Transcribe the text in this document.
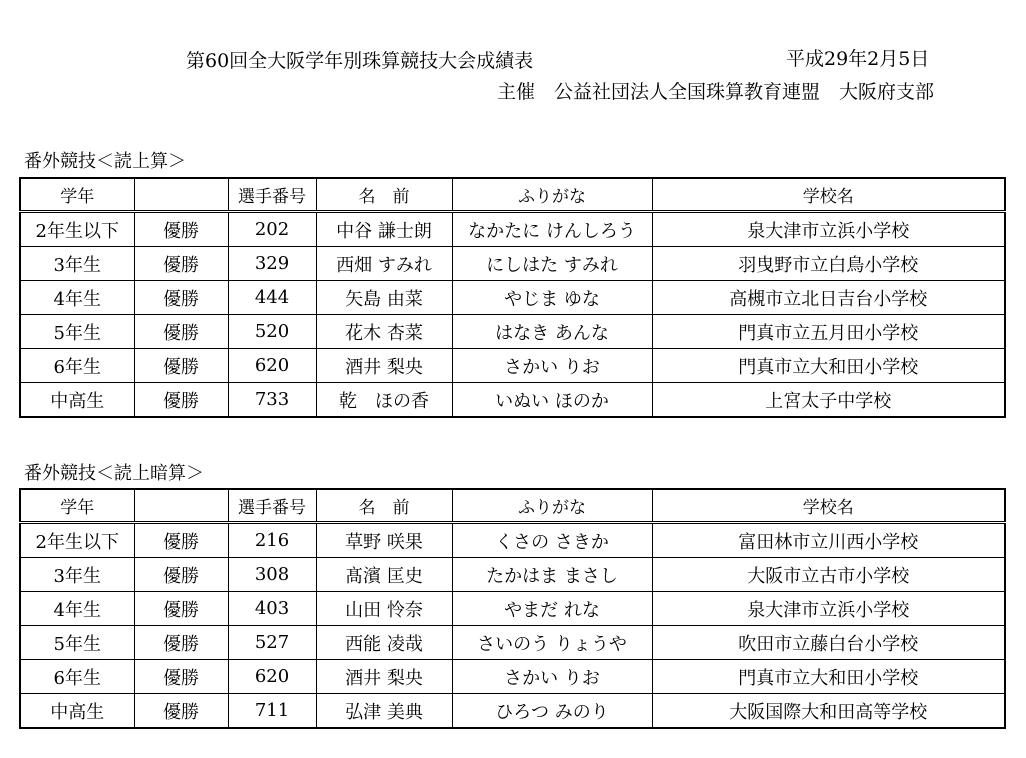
第60回全大阪学年別珠算競技大会成績表	平成29年2月5日
主催　公益社団法人全国珠算教育連盟　大阪府支部
番外競技＜読上算＞
学年		選手番号	名　前	ふりがな	学校名
2年生以下	優勝	202	中谷 謙士朗	なかたに けんしろう	泉大津市立浜小学校
3年生	優勝	329	西畑 すみれ	にしはた すみれ	羽曳野市立白鳥小学校
4年生	優勝	444	矢島 由菜	やじま ゆな	高槻市立北日吉台小学校
5年生	優勝	520	花木 杏菜	はなき あんな	門真市立五月田小学校
6年生	優勝	620	酒井 梨央	さかい りお	門真市立大和田小学校
中高生	優勝	733	乾　ほの香	いぬい ほのか	上宮太子中学校
番外競技＜読上暗算＞
学年		選手番号	名　前	ふりがな	学校名
2年生以下	優勝	216	草野 咲果	くさの さきか	富田林市立川西小学校
3年生	優勝	308	髙濱 匡史	たかはま まさし	大阪市立古市小学校
4年生	優勝	403	山田 怜奈	やまだ れな	泉大津市立浜小学校
5年生	優勝	527	西能 凌哉	さいのう りょうや	吹田市立藤白台小学校
6年生	優勝	620	酒井 梨央	さかい りお	門真市立大和田小学校
中高生	優勝	711	弘津 美典	ひろつ みのり	大阪国際大和田高等学校
